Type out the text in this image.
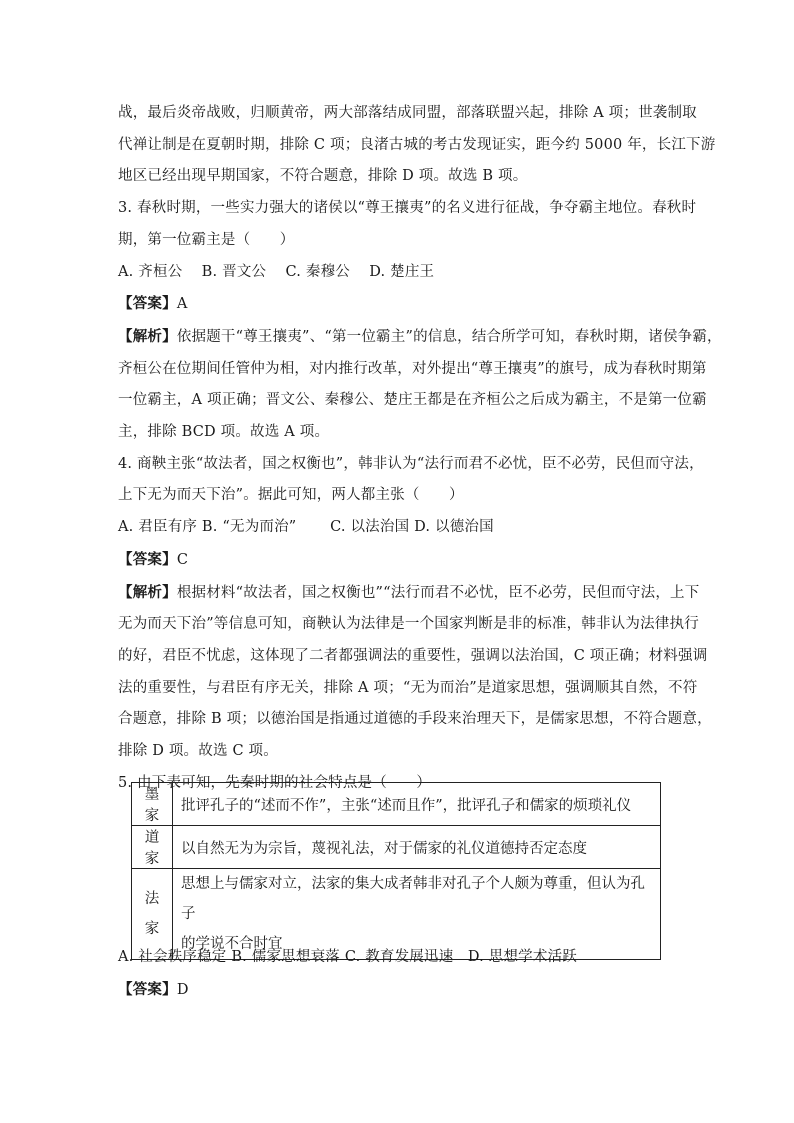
战，最后炎帝战败，归顺黄帝，两大部落结成同盟，部落联盟兴起，排除 A 项；世袭制取
代禅让制是在夏朝时期，排除 C 项；良渚古城的考古发现证实，距今约 5000 年，长江下游
地区已经出现早期国家，不符合题意，排除 D 项。故选 B 项。
3. 春秋时期，一些实力强大的诸侯以“尊王攘夷”的名义进行征战，争夺霸主地位。春秋时
期，第一位霸主是（　　）
A. 齐桓公 B. 晋文公 C. 秦穆公 D. 楚庄王
【答案】A
【解析】依据题干“尊王攘夷”、“第一位霸主”的信息，结合所学可知，春秋时期，诸侯争霸，
齐桓公在位期间任管仲为相，对内推行改革，对外提出“尊王攘夷”的旗号，成为春秋时期第
一位霸主，A 项正确；晋文公、秦穆公、楚庄王都是在齐桓公之后成为霸主，不是第一位霸
主，排除 BCD 项。故选 A 项。
4. 商鞅主张“故法者，国之权衡也”，韩非认为“法行而君不必忧，臣不必劳，民但而守法，
上下无为而天下治”。据此可知，两人都主张（　　）
A. 君臣有序 B. “无为而治” C. 以法治国 D. 以德治国
【答案】C
【解析】根据材料“故法者，国之权衡也”“法行而君不必忧，臣不必劳，民但而守法，上下
无为而天下治”等信息可知，商鞅认为法律是一个国家判断是非的标准，韩非认为法律执行
的好，君臣不忧虑，这体现了二者都强调法的重要性，强调以法治国，C 项正确；材料强调
法的重要性，与君臣有序无关，排除 A 项；“无为而治”是道家思想，强调顺其自然，不符
合题意，排除 B 项；以德治国是指通过道德的手段来治理天下，是儒家思想，不符合题意，
排除 D 项。故选 C 项。
5. 由下表可知，先秦时期的社会特点是（　　）
墨家	批评孔子的“述而不作”，主张“述而且作”，批评孔子和儒家的烦琐礼仪
道家	以自然无为为宗旨，蔑视礼法，对于儒家的礼仪道德持否定态度
法家	思想上与儒家对立，法家的集大成者韩非对孔子个人颇为尊重，但认为孔子
的学说不合时宜
A. 社会秩序稳定 B. 儒家思想衰落 C. 教育发展迅速 D. 思想学术活跃
【答案】D
